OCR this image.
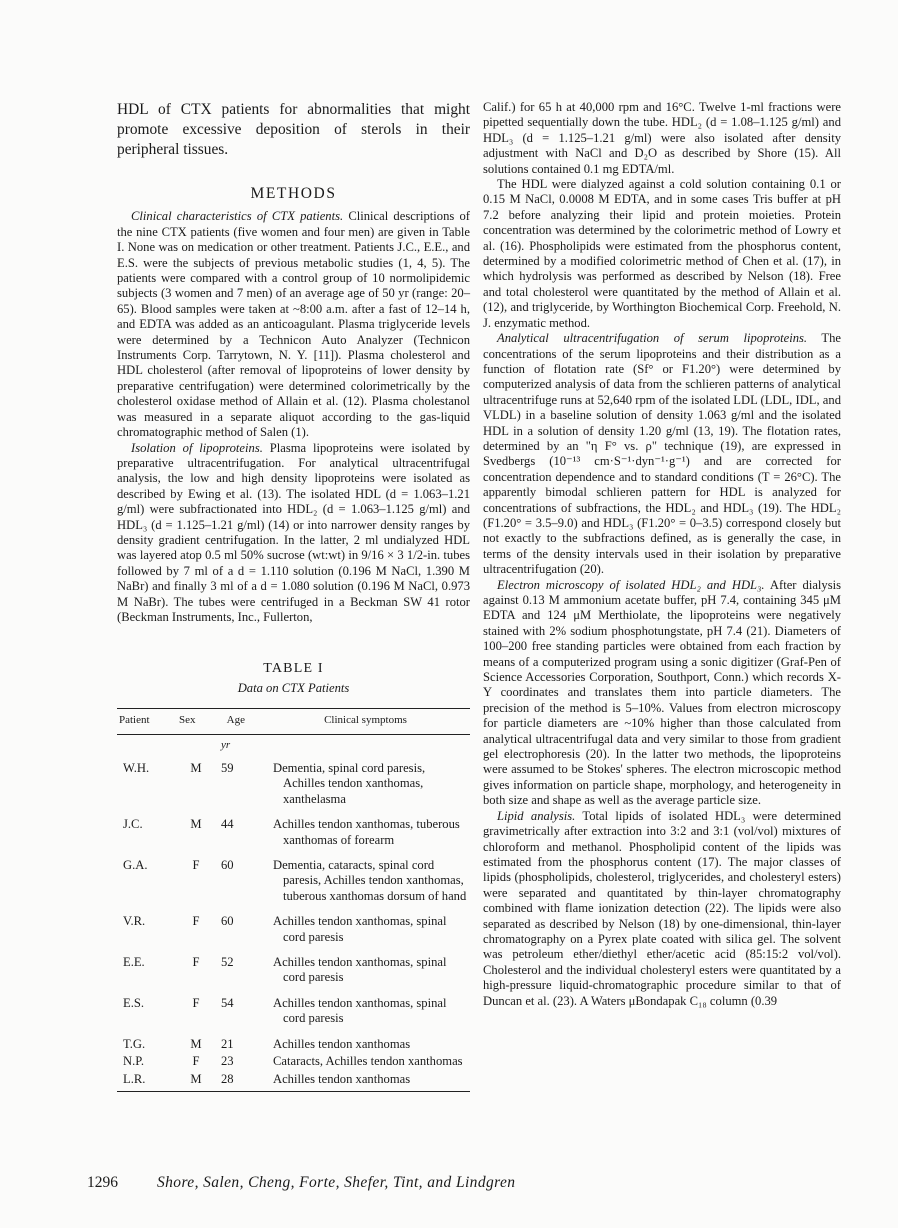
HDL of CTX patients for abnormalities that might promote excessive deposition of sterols in their peripheral tissues.

METHODS

Clinical characteristics of CTX patients. Clinical descriptions of the nine CTX patients (five women and four men) are given in Table I. None was on medication or other treatment. Patients J.C., E.E., and E.S. were the subjects of previous metabolic studies (1, 4, 5). The patients were compared with a control group of 10 normolipidemic subjects (3 women and 7 men) of an average age of 50 yr (range: 20–65). Blood samples were taken at ~8:00 a.m. after a fast of 12–14 h, and EDTA was added as an anticoagulant. Plasma triglyceride levels were determined by a Technicon Auto Analyzer (Technicon Instruments Corp. Tarrytown, N. Y. [11]). Plasma cholesterol and HDL cholesterol (after removal of lipoproteins of lower density by preparative centrifugation) were determined colorimetrically by the cholesterol oxidase method of Allain et al. (12). Plasma cholestanol was measured in a separate aliquot according to the gas-liquid chromatographic method of Salen (1).

Isolation of lipoproteins. Plasma lipoproteins were isolated by preparative ultracentrifugation. For analytical ultracentrifugal analysis, the low and high density lipoproteins were isolated as described by Ewing et al. (13). The isolated HDL (d = 1.063–1.21 g/ml) were subfractionated into HDL₂ (d = 1.063–1.125 g/ml) and HDL₃ (d = 1.125–1.21 g/ml) (14) or into narrower density ranges by density gradient centrifugation. In the latter, 2 ml undialyzed HDL was layered atop 0.5 ml 50% sucrose (wt:wt) in 9/16 × 3 1/2-in. tubes followed by 7 ml of a d = 1.110 solution (0.196 M NaCl, 1.390 M NaBr) and finally 3 ml of a d = 1.080 solution (0.196 M NaCl, 0.973 M NaBr). The tubes were centrifuged in a Beckman SW 41 rotor (Beckman Instruments, Inc., Fullerton,

TABLE I
Data on CTX Patients
Patient	Sex	Age	Clinical symptoms
		yr	
W.H.	M	59	Dementia, spinal cord paresis, Achilles tendon xanthomas, xanthelasma

J.C.	M	44	Achilles tendon xanthomas, tuberous xanthomas of forearm

G.A.	F	60	Dementia, cataracts, spinal cord paresis, Achilles tendon xanthomas, tuberous xanthomas dorsum of hand

V.R.	F	60	Achilles tendon xanthomas, spinal cord paresis

E.E.	F	52	Achilles tendon xanthomas, spinal cord paresis

E.S.	F	54	Achilles tendon xanthomas, spinal cord paresis

T.G.	M	21	Achilles tendon xanthomas

N.P.	F	23	Cataracts, Achilles tendon xanthomas

L.R.	M	28	Achilles tendon xanthomas

Calif.) for 65 h at 40,000 rpm and 16°C. Twelve 1-ml fractions were pipetted sequentially down the tube. HDL₂ (d = 1.08–1.125 g/ml) and HDL₃ (d = 1.125–1.21 g/ml) were also isolated after density adjustment with NaCl and D₂O as described by Shore (15). All solutions contained 0.1 mg EDTA/ml.

The HDL were dialyzed against a cold solution containing 0.1 or 0.15 M NaCl, 0.0008 M EDTA, and in some cases Tris buffer at pH 7.2 before analyzing their lipid and protein moieties. Protein concentration was determined by the colorimetric method of Lowry et al. (16). Phospholipids were estimated from the phosphorus content, determined by a modified colorimetric method of Chen et al. (17), in which hydrolysis was performed as described by Nelson (18). Free and total cholesterol were quantitated by the method of Allain et al. (12), and triglyceride, by Worthington Biochemical Corp. Freehold, N. J. enzymatic method.

Analytical ultracentrifugation of serum lipoproteins. The concentrations of the serum lipoproteins and their distribution as a function of flotation rate (Sf° or F1.20°) were determined by computerized analysis of data from the schlieren patterns of analytical ultracentrifuge runs at 52,640 rpm of the isolated LDL (LDL, IDL, and VLDL) in a baseline solution of density 1.063 g/ml and the isolated HDL in a solution of density 1.20 g/ml (13, 19). The flotation rates, determined by an "η F° vs. ρ" technique (19), are expressed in Svedbergs (10⁻¹³ cm·S⁻¹·dyn⁻¹·g⁻¹) and are corrected for concentration dependence and to standard conditions (T = 26°C). The apparently bimodal schlieren pattern for HDL is analyzed for concentrations of subfractions, the HDL₂ and HDL₃ (19). The HDL₂ (F1.20° = 3.5–9.0) and HDL₃ (F1.20° = 0–3.5) correspond closely but not exactly to the subfractions defined, as is generally the case, in terms of the density intervals used in their isolation by preparative ultracentrifugation (20).

Electron microscopy of isolated HDL₂ and HDL₃. After dialysis against 0.13 M ammonium acetate buffer, pH 7.4, containing 345 μM EDTA and 124 μM Merthiolate, the lipoproteins were negatively stained with 2% sodium phosphotungstate, pH 7.4 (21). Diameters of 100–200 free standing particles were obtained from each fraction by means of a computerized program using a sonic digitizer (Graf-Pen of Science Accessories Corporation, Southport, Conn.) which records X-Y coordinates and translates them into particle diameters. The precision of the method is 5–10%. Values from electron microscopy for particle diameters are ~10% higher than those calculated from analytical ultracentrifugal data and very similar to those from gradient gel electrophoresis (20). In the latter two methods, the lipoproteins were assumed to be Stokes' spheres. The electron microscopic method gives information on particle shape, morphology, and heterogeneity in both size and shape as well as the average particle size.

Lipid analysis. Total lipids of isolated HDL₃ were determined gravimetrically after extraction into 3:2 and 3:1 (vol/vol) mixtures of chloroform and methanol. Phospholipid content of the lipids was estimated from the phosphorus content (17). The major classes of lipids (phospholipids, cholesterol, triglycerides, and cholesteryl esters) were separated and quantitated by thin-layer chromatography combined with flame ionization detection (22). The lipids were also separated as described by Nelson (18) by one-dimensional, thin-layer chromatography on a Pyrex plate coated with silica gel. The solvent was petroleum ether/diethyl ether/acetic acid (85:15:2 vol/vol). Cholesterol and the individual cholesteryl esters were quantitated by a high-pressure liquid-chromatographic procedure similar to that of Duncan et al. (23). A Waters μBondapak C₁₈ column (0.39

1296	Shore, Salen, Cheng, Forte, Shefer, Tint, and Lindgren
